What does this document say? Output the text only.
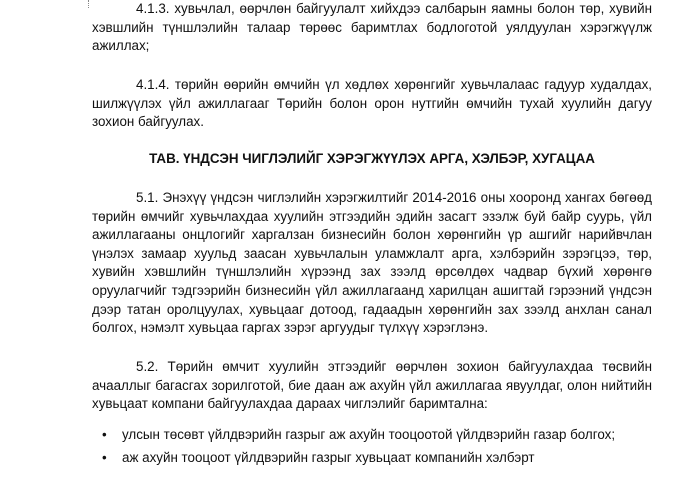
4.1.3. хувьчлал, өөрчлөн байгуулалт хийхдээ салбарын яамны болон төр, хувийн хэвшлийн түншлэлийн талаар төрөөс баримтлах бодлоготой уялдуулан хэрэгжүүлж ажиллах;

4.1.4. төрийн өөрийн өмчийн үл хөдлөх хөрөнгийг хувьчлалаас гадуур худалдах, шилжүүлэх үйл ажиллагааг Төрийн болон орон нутгийн өмчийн тухай хуулийн дагуу зохион байгуулах.

ТАВ. ҮНДСЭН ЧИГЛЭЛИЙГ ХЭРЭГЖҮҮЛЭХ АРГА, ХЭЛБЭР, ХУГАЦАА

5.1. Энэхүү үндсэн чиглэлийн хэрэгжилтийг 2014-2016 оны хооронд хангах бөгөөд төрийн өмчийг хувьчлахдаа хуулийн этгээдийн эдийн засагт эзэлж буй байр суурь, үйл ажиллагааны онцлогийг харгалзан бизнесийн болон хөрөнгийн үр ашгийг нарийвчлан үнэлэх замаар хуульд заасан хувьчлалын уламжлалт арга, хэлбэрийн зэрэгцээ, төр, хувийн хэвшлийн түншлэлийн хүрээнд зах зээлд өрсөлдөх чадвар бүхий хөрөнгө оруулагчийг тэдгээрийн бизнесийн үйл ажиллагаанд харилцан ашигтай гэрээний үндсэн дээр татан оролцуулах, хувьцааг дотоод, гадаадын хөрөнгийн зах зээлд анхлан санал болгох, нэмэлт хувьцаа гаргах зэрэг аргуудыг түлхүү хэрэглэнэ.

5.2. Төрийн өмчит хуулийн этгээдийг өөрчлөн зохион байгуулахдаа төсвийн ачааллыг багасгах зорилготой, бие даан аж ахуйн үйл ажиллагаа явуулдаг, олон нийтийн хувьцаат компани байгуулахдаа дараах чиглэлийг баримтална:

• улсын төсөвт үйлдвэрийн газрыг аж ахуйн тооцоотой үйлдвэрийн газар болгох;
• аж ахуйн тооцоот үйлдвэрийн газрыг хувьцаат компанийн хэлбэрт
